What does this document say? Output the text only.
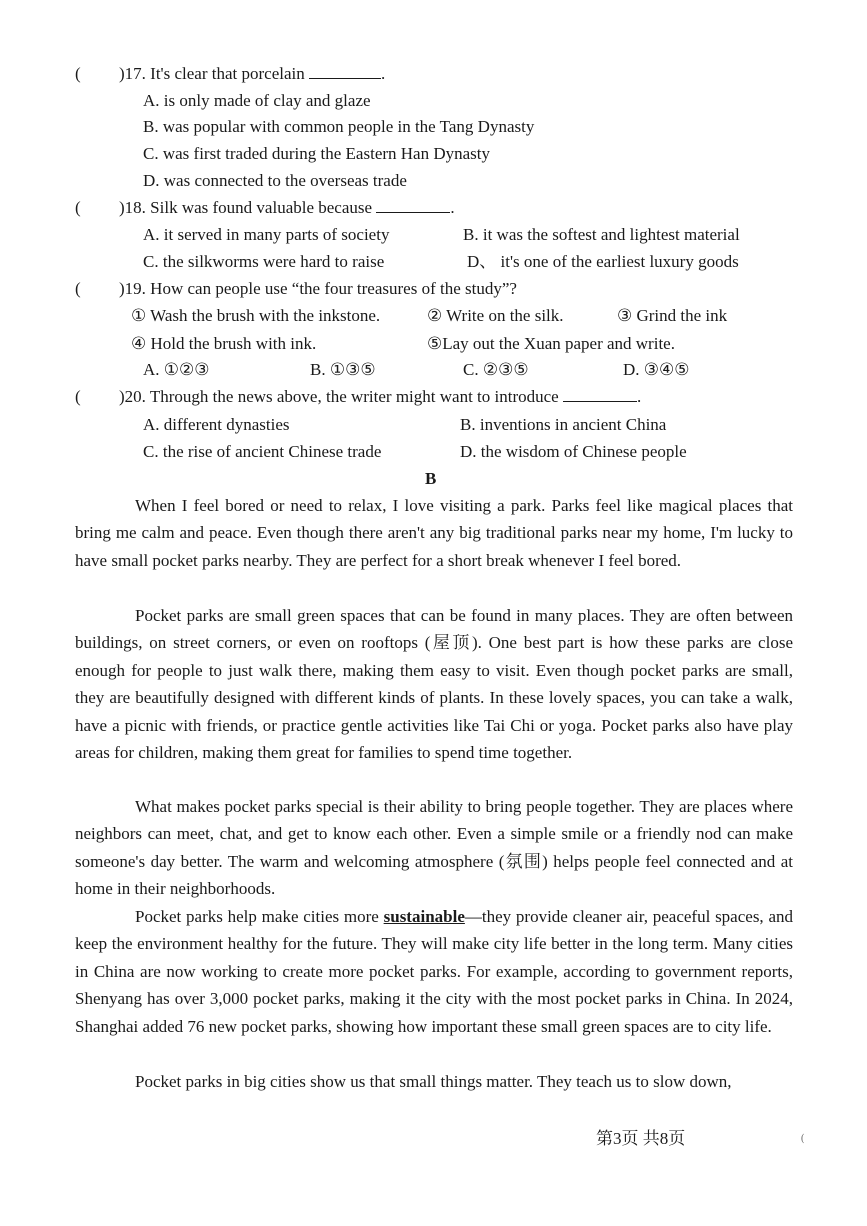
( )17. It's clear that porcelain	.
A. is only made of clay and glaze
B. was popular with common people in the Tang Dynasty
C. was first traded during the Eastern Han Dynasty
D. was connected to the overseas trade
( )18. Silk was found valuable because	.
A. it served in many parts of society	B. it was the softest and lightest material
C. the silkworms were hard to raise	D、 it's one of the earliest luxury goods
( )19. How can people use “the four treasures of the study”?
① Wash the brush with the inkstone.	② Write on the silk.	③ Grind the ink
④ Hold the brush with ink.	⑤Lay out the Xuan paper and write.
A. ①②③	B. ①③⑤	C. ②③⑤	D. ③④⑤
( )20. Through the news above, the writer might want to introduce	.
A. different dynasties	B. inventions in ancient China
C. the rise of ancient Chinese trade	D. the wisdom of Chinese people
B
When I feel bored or need to relax, I love visiting a park. Parks feel like magical places that bring me calm and peace. Even though there aren't any big traditional parks near my home, I'm lucky to have small pocket parks nearby. They are perfect for a short break whenever I feel bored.
Pocket parks are small green spaces that can be found in many places. They are often between buildings, on street corners, or even on rooftops (屋顶). One best part is how these parks are close enough for people to just walk there, making them easy to visit. Even though pocket parks are small, they are beautifully designed with different kinds of plants. In these lovely spaces, you can take a walk, have a picnic with friends, or practice gentle activities like Tai Chi or yoga. Pocket parks also have play areas for children, making them great for families to spend time together.
What makes pocket parks special is their ability to bring people together. They are places where neighbors can meet, chat, and get to know each other. Even a simple smile or a friendly nod can make someone's day better. The warm and welcoming atmosphere (氛围) helps people feel connected and at home in their neighborhoods.
Pocket parks help make cities more sustainable—they provide cleaner air, peaceful spaces, and keep the environment healthy for the future. They will make city life better in the long term. Many cities in China are now working to create more pocket parks. For example, according to government reports, Shenyang has over 3,000 pocket parks, making it the city with the most pocket parks in China. In 2024, Shanghai added 76 new pocket parks, showing how important these small green spaces are to city life.
Pocket parks in big cities show us that small things matter. They teach us to slow down,
第3页 共8页	(
